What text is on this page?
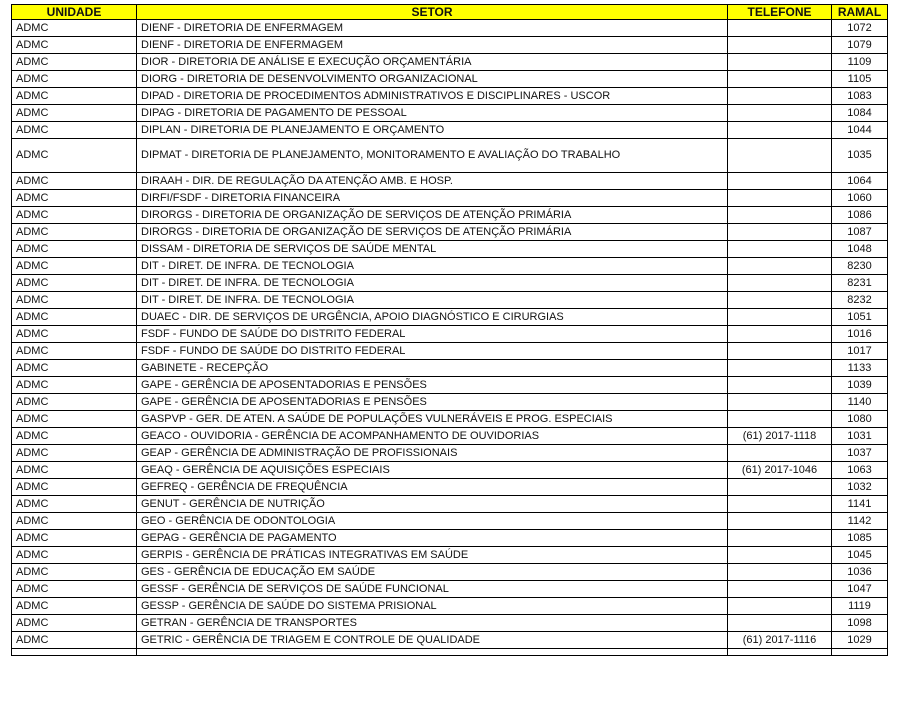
UNIDADE	SETOR	TELEFONE	RAMAL
ADMC	DIENF - DIRETORIA DE ENFERMAGEM		1072
ADMC	DIENF - DIRETORIA DE ENFERMAGEM		1079
ADMC	DIOR - DIRETORIA DE ANÁLISE E EXECUÇÃO ORÇAMENTÁRIA		1109
ADMC	DIORG - DIRETORIA DE DESENVOLVIMENTO ORGANIZACIONAL		1105
ADMC	DIPAD - DIRETORIA DE PROCEDIMENTOS ADMINISTRATIVOS E DISCIPLINARES - USCOR		1083
ADMC	DIPAG - DIRETORIA DE PAGAMENTO DE PESSOAL		1084
ADMC	DIPLAN - DIRETORIA DE PLANEJAMENTO E ORÇAMENTO		1044
ADMC	DIPMAT - DIRETORIA DE PLANEJAMENTO, MONITORAMENTO E AVALIAÇÃO DO TRABALHO		1035
ADMC	DIRAAH - DIR. DE REGULAÇÃO DA ATENÇÃO AMB. E HOSP.		1064
ADMC	DIRFI/FSDF - DIRETORIA FINANCEIRA		1060
ADMC	DIRORGS - DIRETORIA DE ORGANIZAÇÃO DE SERVIÇOS DE ATENÇÃO PRIMÁRIA		1086
ADMC	DIRORGS - DIRETORIA DE ORGANIZAÇÃO DE SERVIÇOS DE ATENÇÃO PRIMÁRIA		1087
ADMC	DISSAM - DIRETORIA DE SERVIÇOS DE SAÚDE MENTAL		1048
ADMC	DIT - DIRET. DE INFRA. DE TECNOLOGIA		8230
ADMC	DIT - DIRET. DE INFRA. DE TECNOLOGIA		8231
ADMC	DIT - DIRET. DE INFRA. DE TECNOLOGIA		8232
ADMC	DUAEC - DIR. DE SERVIÇOS DE URGÊNCIA, APOIO DIAGNÓSTICO E CIRURGIAS		1051
ADMC	FSDF - FUNDO DE SAÚDE DO DISTRITO FEDERAL		1016
ADMC	FSDF - FUNDO DE SAÚDE DO DISTRITO FEDERAL		1017
ADMC	GABINETE - RECEPÇÃO		1133
ADMC	GAPE - GERÊNCIA DE APOSENTADORIAS E PENSÕES		1039
ADMC	GAPE - GERÊNCIA DE APOSENTADORIAS E PENSÕES		1140
ADMC	GASPVP - GER. DE ATEN. A SAÚDE DE POPULAÇÕES VULNERÁVEIS E PROG. ESPECIAIS		1080
ADMC	GEACO - OUVIDORIA - GERÊNCIA DE ACOMPANHAMENTO DE OUVIDORIAS	(61) 2017-1118	1031
ADMC	GEAP - GERÊNCIA DE ADMINISTRAÇÃO DE PROFISSIONAIS		1037
ADMC	GEAQ - GERÊNCIA DE AQUISIÇÕES ESPECIAIS	(61) 2017-1046	1063
ADMC	GEFREQ - GERÊNCIA DE FREQUÊNCIA		1032
ADMC	GENUT - GERÊNCIA DE NUTRIÇÃO		1141
ADMC	GEO - GERÊNCIA DE ODONTOLOGIA		1142
ADMC	GEPAG - GERÊNCIA DE PAGAMENTO		1085
ADMC	GERPIS - GERÊNCIA DE PRÁTICAS INTEGRATIVAS EM SAÚDE		1045
ADMC	GES - GERÊNCIA DE EDUCAÇÃO EM SAÚDE		1036
ADMC	GESSF - GERÊNCIA DE SERVIÇOS DE SAÚDE FUNCIONAL		1047
ADMC	GESSP - GERÊNCIA DE SAÚDE DO SISTEMA PRISIONAL		1119
ADMC	GETRAN - GERÊNCIA DE TRANSPORTES		1098
ADMC	GETRIC - GERÊNCIA DE TRIAGEM E CONTROLE DE QUALIDADE	(61) 2017-1116	1029
